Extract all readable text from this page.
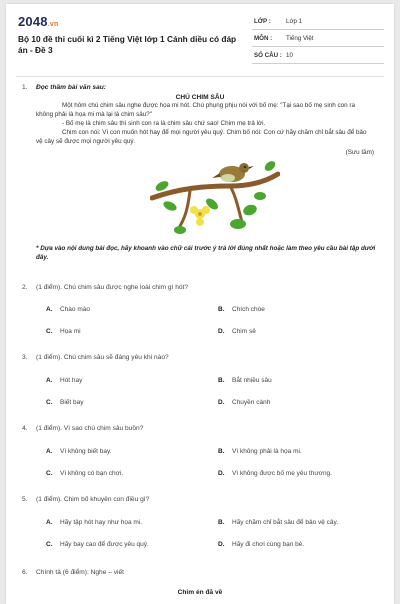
2048.vn
Bộ 10 đề thi cuối kì 2 Tiếng Việt lớp 1 Cánh diều có đáp án - Đề 3
LỚP : Lớp 1
MÔN : Tiếng Việt
SỐ CÂU : 10
1. Đọc thầm bài văn sau:
CHÚ CHIM SÂU
Một hôm chú chim sâu nghe được họa mi hót. Chú phụng phịu nói với bố mẹ: "Tại sao bố mẹ sinh con ra không phải là họa mi mà lại là chim sâu?"
- Bố mẹ là chim sâu thì sinh con ra là chim sâu chứ sao! Chim mẹ trả lời.
Chim con nói: Vì con muốn hót hay để mọi người yêu quý. Chim bố nói: Con cứ hãy chăm chỉ bắt sâu để bảo vệ cây sẽ được mọi người yêu quý.
(Sưu tầm)
* Dựa vào nội dung bài đọc, hãy khoanh vào chữ cái trước ý trả lời đúng nhất hoặc làm theo yêu cầu bài tập dưới đây.
2. (1 điểm). Chú chim sâu được nghe loài chim gì hót?
A. Chào mào	B. Chích chòe
C. Họa mi	D. Chim sẻ
3. (1 điểm). Chú chim sâu sẽ đáng yêu khi nào?
A. Hót hay	B. Bắt nhiều sâu
C. Biết bay	D. Chuyền cành
4. (1 điểm). Vì sao chú chim sâu buồn?
A. Vì không biết bay.	B. Vì không phải là họa mi.
C. Vì không có bạn chơi.	D. Vì không được bố mẹ yêu thương.
5. (1 điểm). Chim bố khuyên con điều gì?
A. Hãy tập hót hay như họa mi.	B. Hãy chăm chỉ bắt sâu để bảo vệ cây.
C. Hãy bay cao để được yêu quý.	D. Hãy đi chơi cùng bạn bè.
6. Chính tả (6 điểm): Nghe – viết
Chim én đã về
